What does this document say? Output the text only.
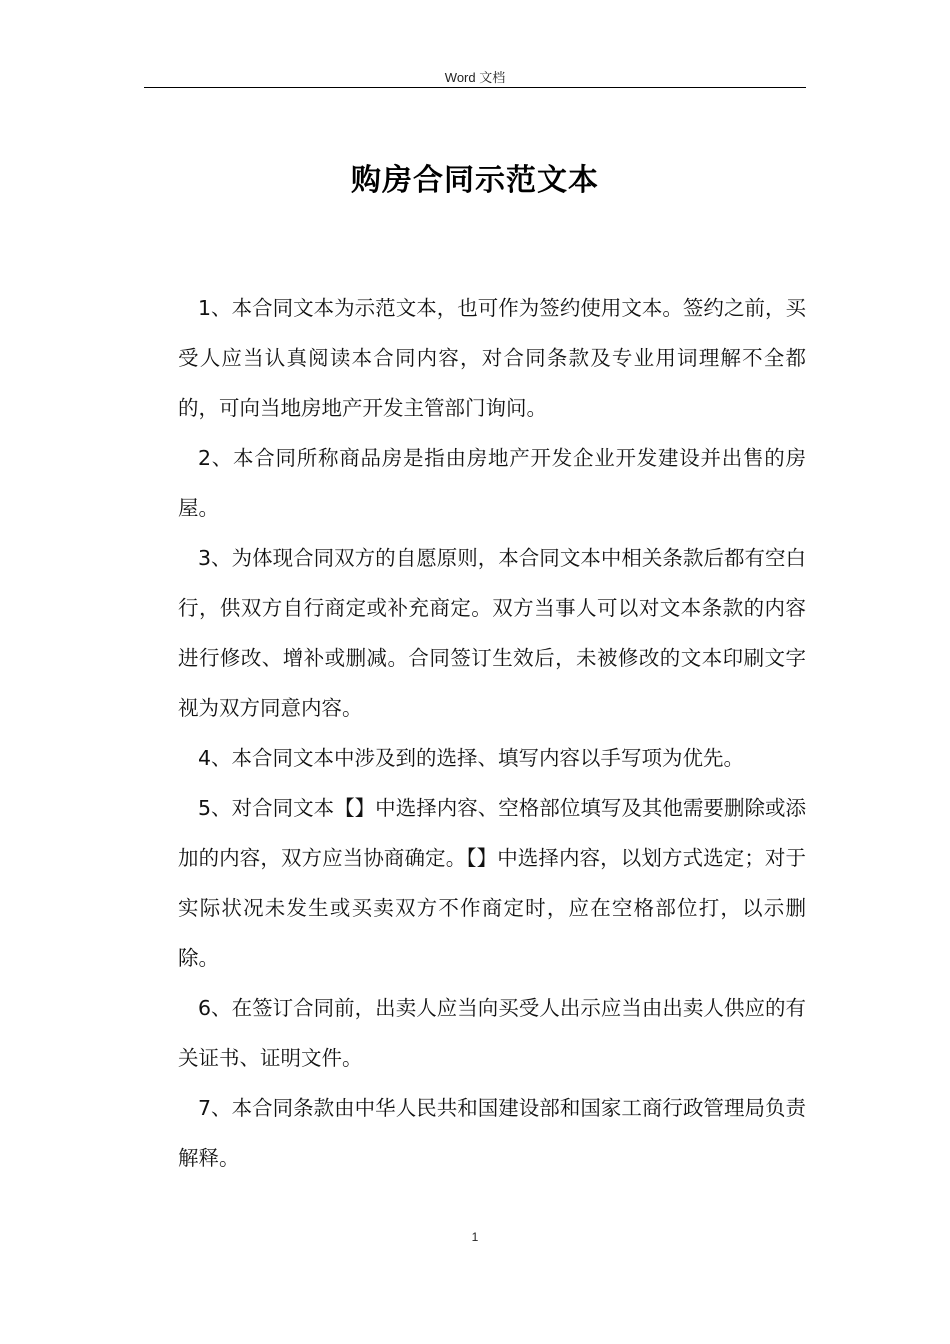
Word 文档
购房合同示范文本

1、本合同文本为示范文本，也可作为签约使用文本。签约之前，买受人应当认真阅读本合同内容，对合同条款及专业用词理解不全都的，可向当地房地产开发主管部门询问。

2、本合同所称商品房是指由房地产开发企业开发建设并出售的房屋。

3、为体现合同双方的自愿原则，本合同文本中相关条款后都有空白行，供双方自行商定或补充商定。双方当事人可以对文本条款的内容进行修改、增补或删减。合同签订生效后，未被修改的文本印刷文字视为双方同意内容。

4、本合同文本中涉及到的选择、填写内容以手写项为优先。

5、对合同文本【】中选择内容、空格部位填写及其他需要删除或添加的内容，双方应当协商确定。【】中选择内容，以划方式选定；对于实际状况未发生或买卖双方不作商定时，应在空格部位打，以示删除。

6、在签订合同前，出卖人应当向买受人出示应当由出卖人供应的有关证书、证明文件。

7、本合同条款由中华人民共和国建设部和国家工商行政管理局负责解释。

1
